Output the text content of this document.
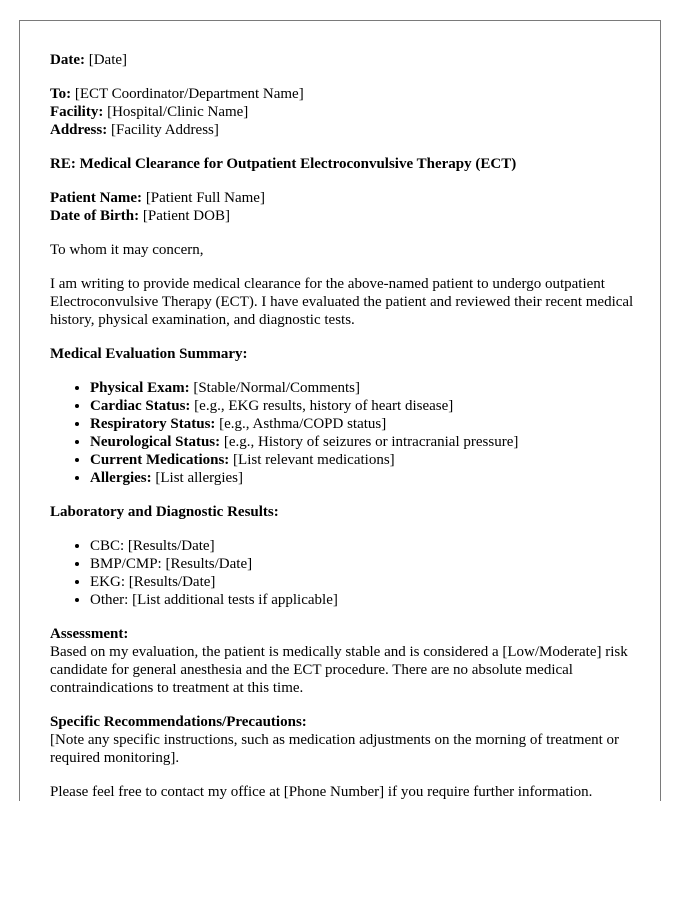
Date: [Date]

To: [ECT Coordinator/Department Name]

Facility: [Hospital/Clinic Name]

Address: [Facility Address]

RE: Medical Clearance for Outpatient Electroconvulsive Therapy (ECT)

Patient Name: [Patient Full Name]

Date of Birth: [Patient DOB]

To whom it may concern,

I am writing to provide medical clearance for the above-named patient to undergo outpatient Electroconvulsive Therapy (ECT). I have evaluated the patient and reviewed their recent medical history, physical examination, and diagnostic tests.

Medical Evaluation Summary:

• Physical Exam: [Stable/Normal/Comments]
• Cardiac Status: [e.g., EKG results, history of heart disease]
• Respiratory Status: [e.g., Asthma/COPD status]
• Neurological Status: [e.g., History of seizures or intracranial pressure]
• Current Medications: [List relevant medications]
• Allergies: [List allergies]

Laboratory and Diagnostic Results:

• CBC: [Results/Date]
• BMP/CMP: [Results/Date]
• EKG: [Results/Date]
• Other: [List additional tests if applicable]

Assessment:

Based on my evaluation, the patient is medically stable and is considered a [Low/Moderate] risk candidate for general anesthesia and the ECT procedure. There are no absolute medical contraindications to treatment at this time.

Specific Recommendations/Precautions:

[Note any specific instructions, such as medication adjustments on the morning of treatment or required monitoring].

Please feel free to contact my office at [Phone Number] if you require further information.
